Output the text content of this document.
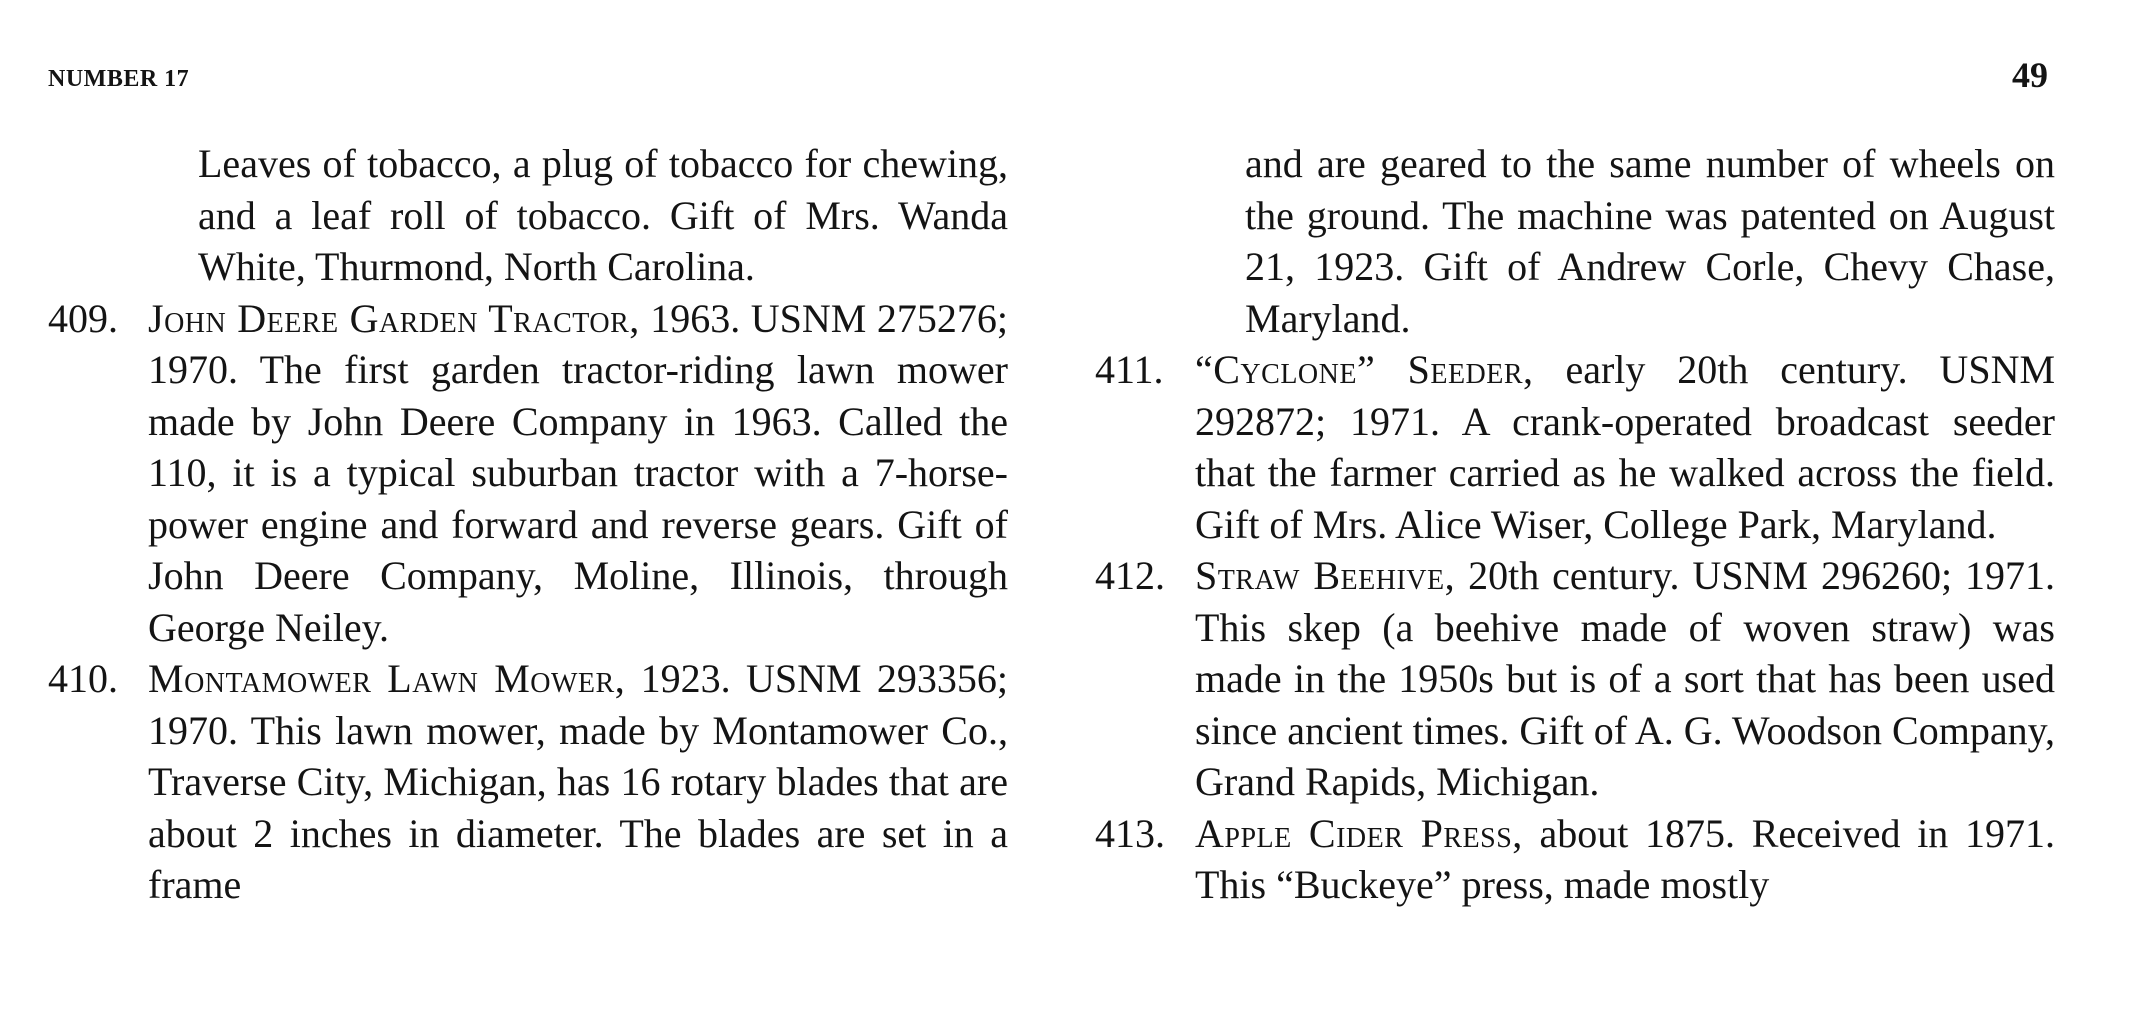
NUMBER 17	49
Leaves of tobacco, a plug of tobacco for chewing, and a leaf roll of tobacco. Gift of Mrs. Wanda White, Thurmond, North Carolina.
409. John Deere Garden Tractor, 1963. USNM 275276; 1970. The first garden tractor-riding lawn mower made by John Deere Company in 1963. Called the 110, it is a typical suburban tractor with a 7-horse-power engine and forward and reverse gears. Gift of John Deere Company, Moline, Illinois, through George Neiley.
410. Montamower Lawn Mower, 1923. USNM 293356; 1970. This lawn mower, made by Montamower Co., Traverse City, Michigan, has 16 rotary blades that are about 2 inches in diameter. The blades are set in a frame
and are geared to the same number of wheels on the ground. The machine was patented on August 21, 1923. Gift of Andrew Corle, Chevy Chase, Maryland.
411. “Cyclone” Seeder, early 20th century. USNM 292872; 1971. A crank-operated broadcast seeder that the farmer carried as he walked across the field. Gift of Mrs. Alice Wiser, College Park, Maryland.
412. Straw Beehive, 20th century. USNM 296260; 1971. This skep (a beehive made of woven straw) was made in the 1950s but is of a sort that has been used since ancient times. Gift of A. G. Woodson Company, Grand Rapids, Michigan.
413. Apple Cider Press, about 1875. Received in 1971. This “Buckeye” press, made mostly
